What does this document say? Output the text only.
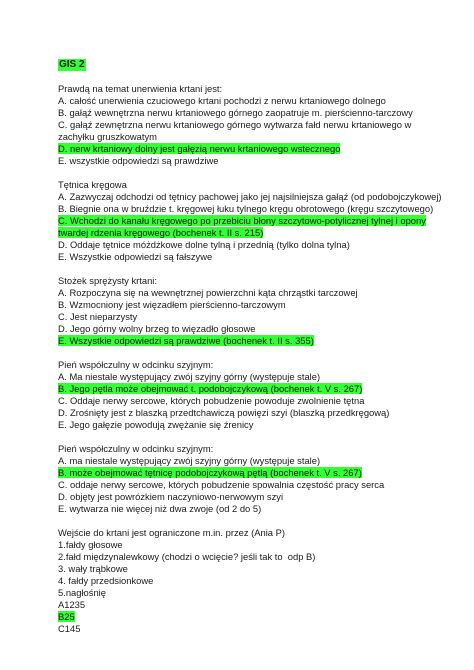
GIS 2
Prawdą na temat unerwienia krtani jest:
A. całość unerwienia czuciowego krtani pochodzi z nerwu krtaniowego dolnego
B. gałąź wewnętrzna nerwu krtaniowego górnego zaopatruje m. pierścienno-tarczowy
C. gałąź zewnętrzna nerwu krtaniowego górnego wytwarza fałd nerwu krtaniowego w
zachyłku gruszkowatym
D. nerw krtaniowy dolny jest gałęzią nerwu krtaniowego wstecznego
E. wszystkie odpowiedzi są prawdziwe
Tętnica kręgowa
A. Zazwyczaj odchodzi od tętnicy pachowej jako jej najsilniejsza gałąź (od podobojczykowej)
B. Biegnie ona w bruździe t. kręgowej łuku tylnego kręgu obrotowego (kręgu szczytowego)
C. Wchodzi do kanału kręgowego po przebiciu błony szczytowo-potylicznej tylnej i opony
twardej rdzenia kręgowego (bochenek t. II s. 215)
D. Oddaje tętnice móżdżkowe dolne tylną i przednią (tylko dolna tylna)
E. Wszystkie odpowiedzi są fałszywe
Stożek sprężysty krtani:
A. Rozpoczyna się na wewnętrznej powierzchni kąta chrząstki tarczowej
B. Wzmocniony jest więzadłem pierścienno-tarczowym
C. Jest nieparzysty
D. Jego górny wolny brzeg to więzadło głosowe
E. Wszystkie odpowiedzi są prawdziwe (bochenek t. II s. 355)
Pień współczulny w odcinku szyjnym:
A. Ma niestale występujący zwój szyjny górny (występuje stale)
B. Jego pętla może obejmować t. podobojczykową (bochenek t. V s. 267)
C. Oddaje nerwy sercowe, których pobudzenie powoduje zwolnienie tętna
D. Zrośnięty jest z blaszką przedtchawiczą powięzi szyi (blaszką przedkręgową)
E. Jego gałęzie powodują zwężanie się źrenicy
Pień współczulny w odcinku szyjnym:
A. ma niestale występujący zwój szyjny górny (występuje stale)
B. może obejmować tętnicę podobojczykową pętlą (bochenek t. V s. 267)
C. oddaje nerwy sercowe, których pobudzenie spowalnia częstość pracy serca
D. objęty jest powrózkiem naczyniowo-nerwowym szyi
E. wytwarza nie więcej niż dwa zwoje (od 2 do 5)
Wejście do krtani jest ograniczone m.in. przez (Ania P)
1.fałdy głosowe
2.fałd międzynalewkowy (chodzi o wcięcie? jeśli tak to  odp B)
3. wały trąbkowe
4. fałdy przedsionkowe
5.nagłośnię
A1235
B25
C145
